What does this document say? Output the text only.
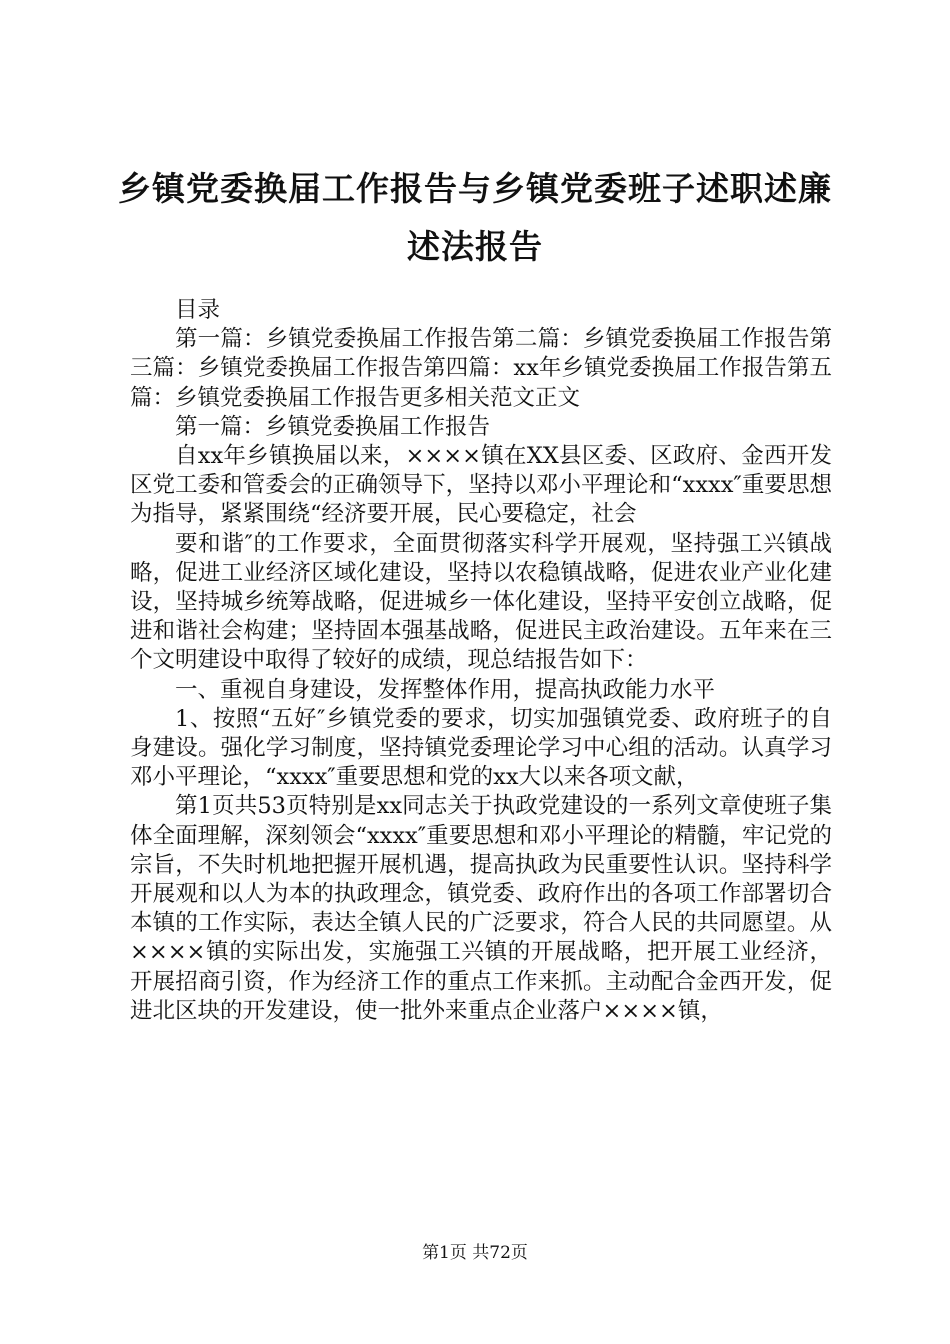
乡镇党委换届工作报告与乡镇党委班子述职述廉述法报告

目录

第一篇：乡镇党委换届工作报告第二篇：乡镇党委换届工作报告第三篇：乡镇党委换届工作报告第四篇：xx年乡镇党委换届工作报告第五篇：乡镇党委换届工作报告更多相关范文正文

第一篇：乡镇党委换届工作报告

自xx年乡镇换届以来，××××镇在XX县区委、区政府、金西开发区党工委和管委会的正确领导下，坚持以邓小平理论和“xxxx″重要思想为指导，紧紧围绕“经济要开展，民心要稳定，社会

要和谐″的工作要求，全面贯彻落实科学开展观，坚持强工兴镇战略，促进工业经济区域化建设，坚持以农稳镇战略，促进农业产业化建设，坚持城乡统筹战略，促进城乡一体化建设，坚持平安创立战略，促进和谐社会构建；坚持固本强基战略，促进民主政治建设。五年来在三个文明建设中取得了较好的成绩，现总结报告如下：

一、重视自身建设，发挥整体作用，提高执政能力水平

1、按照“五好″乡镇党委的要求，切实加强镇党委、政府班子的自身建设。强化学习制度，坚持镇党委理论学习中心组的活动。认真学习邓小平理论，“xxxx″重要思想和党的xx大以来各项文献，

第1页共53页特别是xx同志关于执政党建设的一系列文章使班子集体全面理解，深刻领会“xxxx″重要思想和邓小平理论的精髓，牢记党的宗旨，不失时机地把握开展机遇，提高执政为民重要性认识。坚持科学开展观和以人为本的执政理念，镇党委、政府作出的各项工作部署切合本镇的工作实际，表达全镇人民的广泛要求，符合人民的共同愿望。从××××镇的实际出发，实施强工兴镇的开展战略，把开展工业经济，开展招商引资，作为经济工作的重点工作来抓。主动配合金西开发，促进北区块的开发建设，使一批外来重点企业落户××××镇，

第1页 共72页
